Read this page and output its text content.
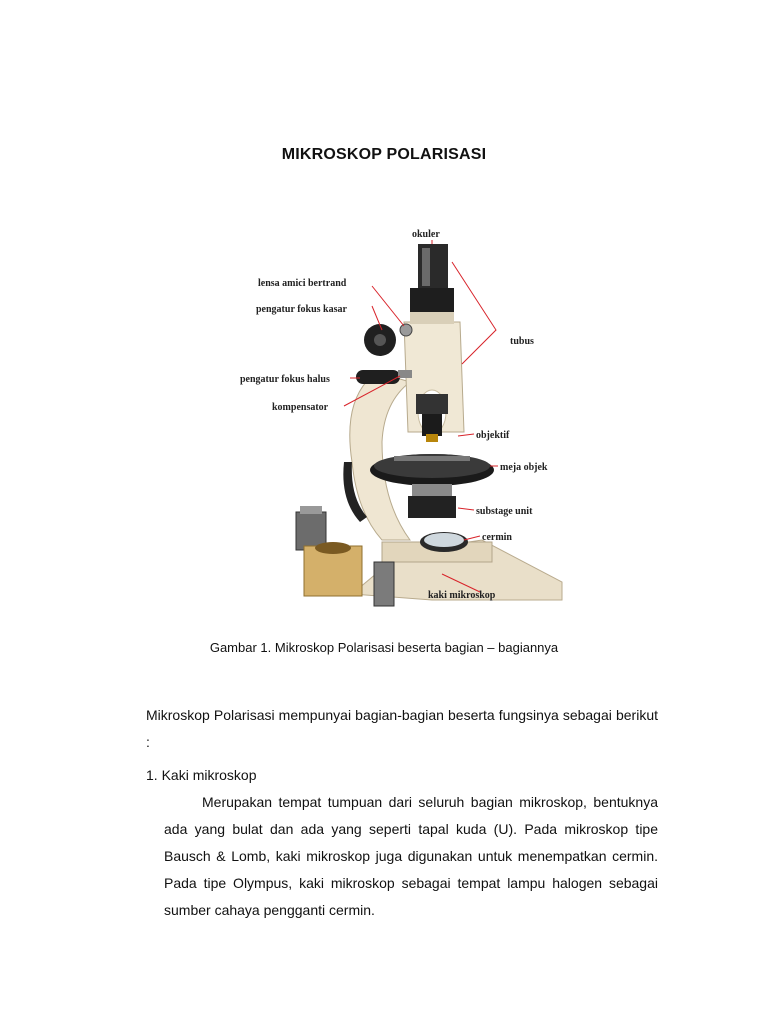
MIKROSKOP POLARISASI
okuler
lensa amici bertrand
pengatur fokus kasar
pengatur fokus halus
kompensator
tubus
objektif
meja objek
substage unit
cermin
kaki mikroskop
Gambar 1. Mikroskop Polarisasi beserta bagian – bagiannya
Mikroskop Polarisasi mempunyai bagian-bagian beserta fungsinya sebagai berikut :
1. Kaki mikroskop
Merupakan tempat tumpuan dari seluruh bagian mikroskop, bentuknya ada yang bulat dan ada yang seperti tapal kuda (U). Pada mikroskop tipe Bausch & Lomb, kaki mikroskop juga digunakan untuk menempatkan cermin. Pada tipe Olympus, kaki mikroskop sebagai tempat lampu halogen sebagai sumber cahaya pengganti cermin.
